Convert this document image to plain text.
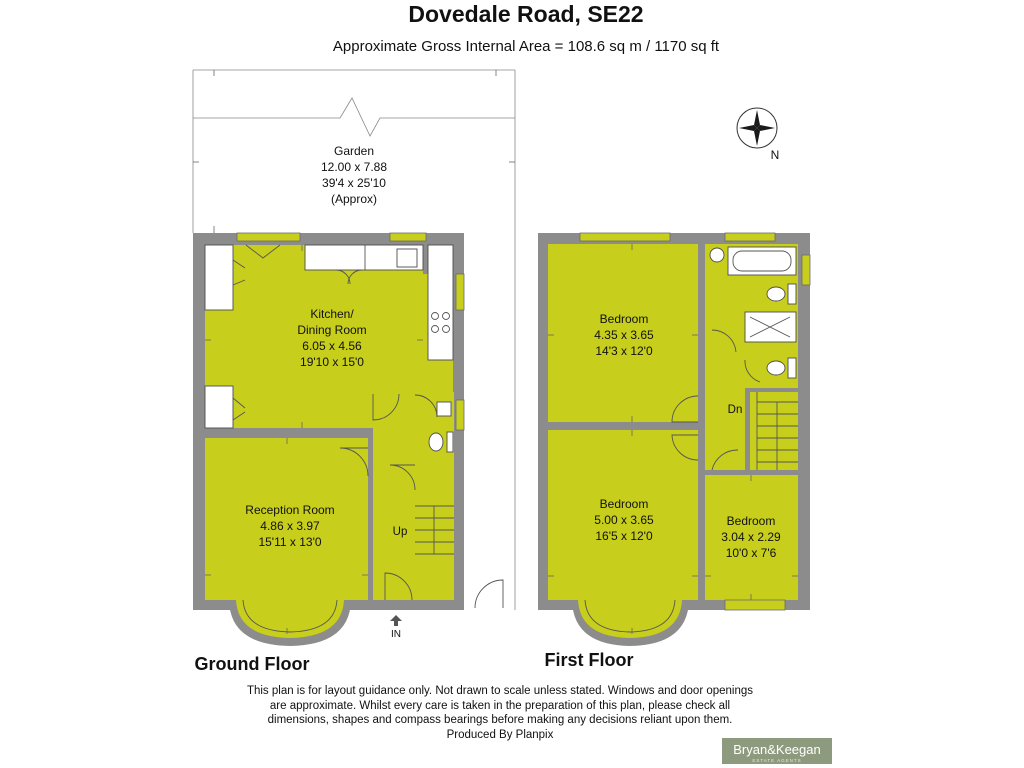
Dovedale Road, SE22
Approximate Gross Internal Area = 108.6 sq m / 1170 sq ft
N
Garden
12.00 x 7.88
39'4 x 25'10
(Approx)
Kitchen/
Dining Room
6.05 x 4.56
19'10 x 15'0
Reception Room
4.86 x 3.97
15'11 x 13'0
Up
IN
Ground Floor
Bedroom
4.35 x 3.65
14'3 x 12'0
Bedroom
5.00 x 3.65
16'5 x 12'0
Bedroom
3.04 x 2.29
10'0 x 7'6
Dn
First Floor
This plan is for layout guidance only. Not drawn to scale unless stated. Windows and door openings
are approximate. Whilst every care is taken in the preparation of this plan, please check all
dimensions, shapes and compass bearings before making any decisions reliant upon them.
Produced By Planpix
Bryan&Keegan
ESTATE AGENTS
